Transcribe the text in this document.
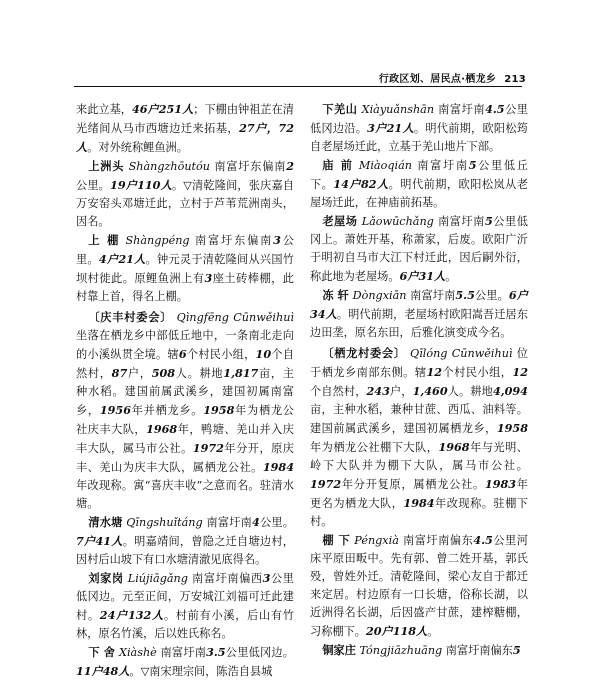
行政区划、居民点·栖龙乡 213

来此立基，46户251人；下棚由钟祖芷在清光绪间从马市西塘边迁来拓基，27户，72人。对外统称鲤鱼洲。

上洲头 Shàngzhōutóu 南富圩东偏南2公里。19户110人。▽清乾隆间，张庆嘉自万安窑头邓塘迁此，立村于芦苇荒洲南头，因名。

上 棚 Shàngpéng 南富圩东偏南3公里。4户21人。钟元灵于清乾隆间从兴国竹坝村徙此。原鲤鱼洲上有3座土砖棒棚，此村靠上首，得名上棚。

〔庆丰村委会〕 Qìngfēng Cūnwěihuì 坐落在栖龙乡中部低丘地中，一条南北走向的小溪纵贯全境。辖6个村民小组，10个自然村，87户，508人。耕地1,817亩，主种水稻。建国前属武溪乡，建国初属南富乡，1956年并栖龙乡。1958年为栖龙公社庆丰大队，1968年，鸭塘、羌山并入庆丰大队，属马市公社。1972年分开，原庆丰、羌山为庆丰大队，属栖龙公社。1984年改现称。寓“喜庆丰收”之意而名。驻清水塘。

清水塘 Qīngshuǐtáng 南富圩南4公里。7户41人。明嘉靖间，曾隐之迁自塘边村，因村后山坡下有口水塘清澈见底得名。

刘家岗 Liújiāgǎng 南富圩南偏西3公里低冈边。元至正间，万安城江刘福可迁此建村。24户132人。村前有小溪，后山有竹林，原名竹溪，后以姓氏称名。

下 舍 Xiàshè 南富圩南3.5公里低冈边。11户48人。▽南宋理宗间，陈浩自县城

下羌山 Xiàyuǎnshān 南富圩南4.5公里低冈边沿。3户21人。明代前期，欧阳松筠自老屋场迁此，立基于羌山地片下部。

庙 前 Miàoqián 南富圩南5公里低丘下。14户82人。明代前期，欧阳松岚从老屋场迁此，在神庙前拓基。

老屋场 Lǎowūchǎng 南富圩南5公里低冈上。萧姓开基，称萧家，后废。欧阳广沂于明初自马市大江下村迁此，因后嗣外衍，称此地为老屋场。6户31人。

冻 轩 Dòngxiān 南富圩南5.5公里。6户34人。明代前期，老屋场村欧阳嵩吾迁居东边田垄，原名东田，后雅化演变成今名。

〔栖龙村委会〕 Qīlóng Cūnwěihuì 位于栖龙乡南部东侧。辖12个村民小组，12个自然村，243户，1,460人。耕地4,094亩，主种水稻，兼种甘蔗、西瓜、油料等。建国前属武溪乡，建国初属栖龙乡，1958年为栖龙公社棚下大队，1968年与光明、岭下大队并为棚下大队，属马市公社。1972年分开复原，属栖龙公社。1983年更名为栖龙大队，1984年改现称。驻棚下村。

棚 下 Péngxià 南富圩南偏东4.5公里河床平原田畈中。先有郭、曾二姓开基，郭氏殁，曾姓外迁。清乾隆间，梁心友自于都迁来定居。村边原有一口长塘，俗称长湖，以近洲得名长湖，后因盛产甘蔗，建榨糖棚，习称棚下。20户118人。

铜家庄 Tóngjiāzhuāng 南富圩南偏东5
